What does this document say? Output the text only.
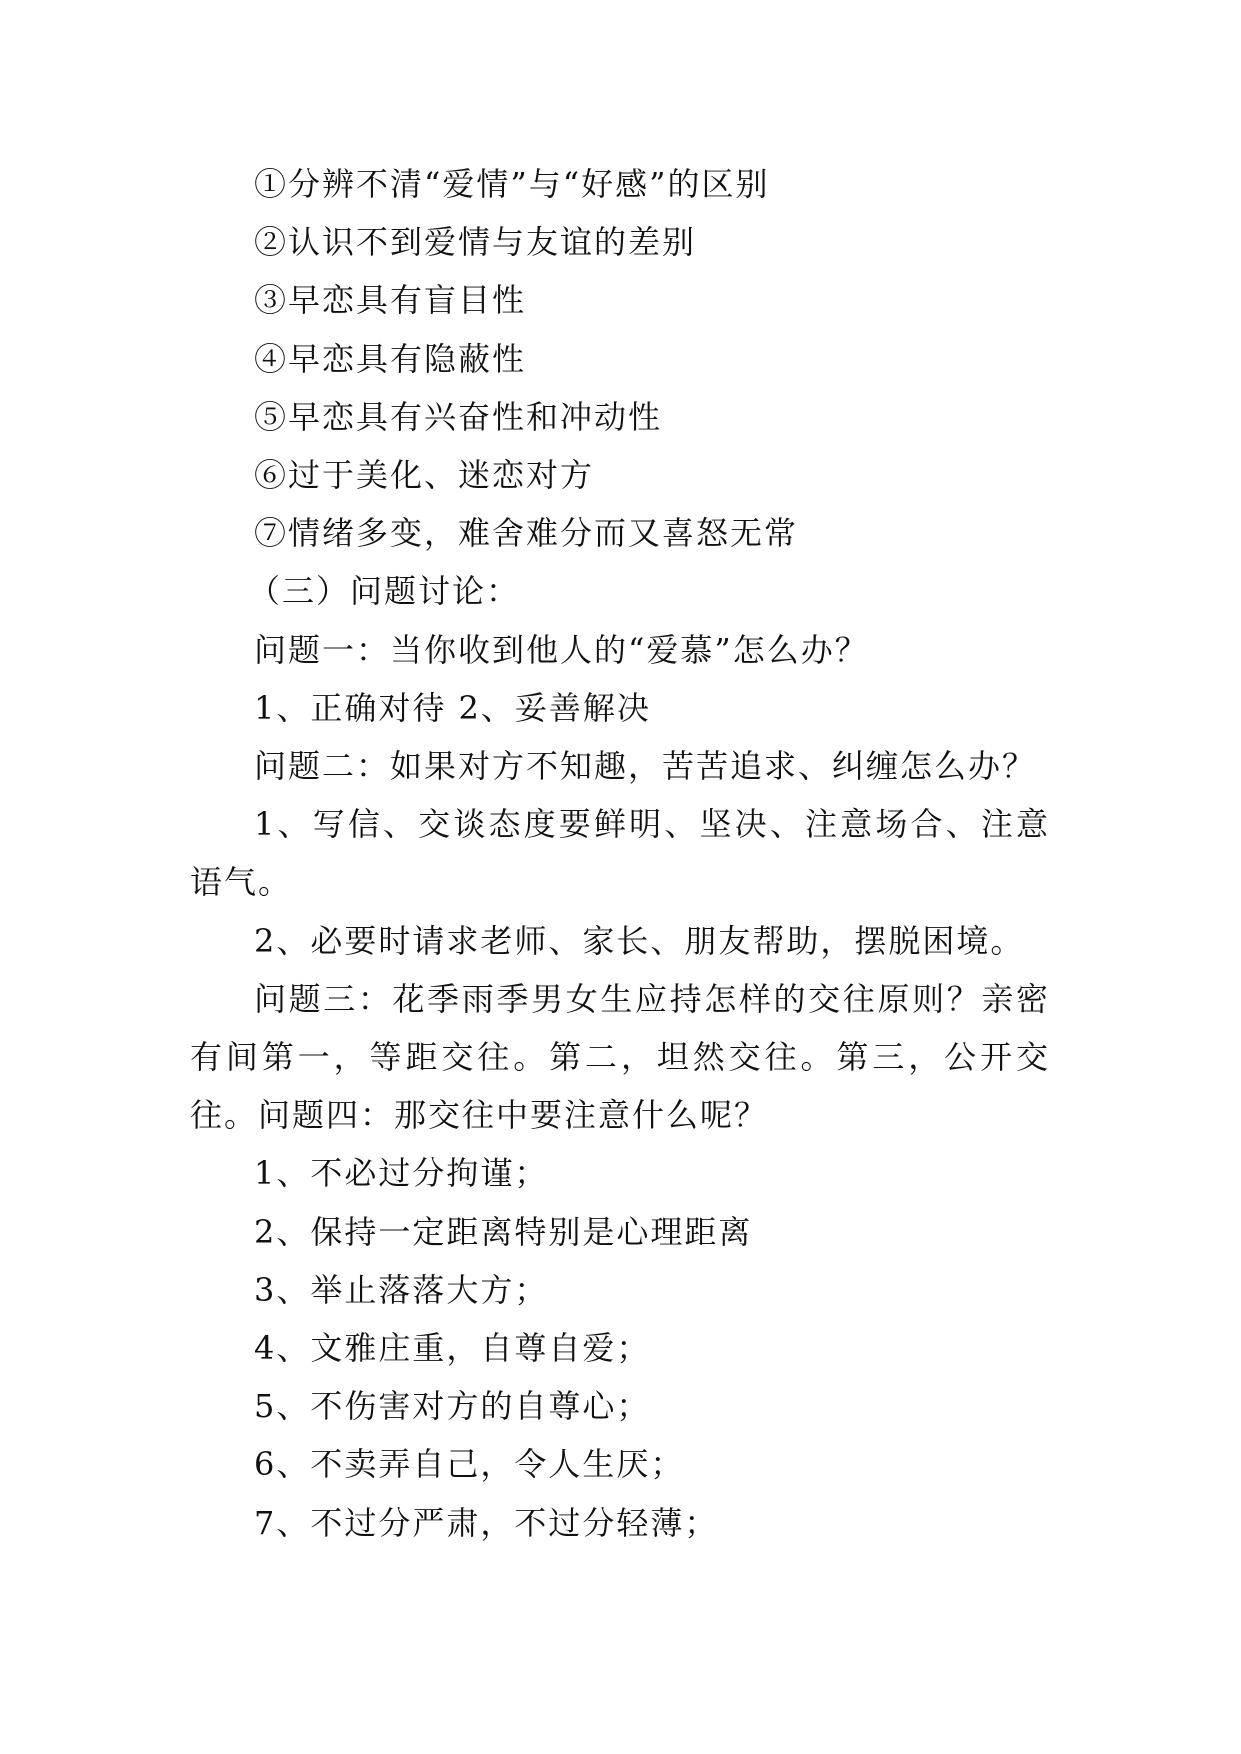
①分辨不清“爱情”与“好感”的区别

②认识不到爱情与友谊的差别

③早恋具有盲目性

④早恋具有隐蔽性

⑤早恋具有兴奋性和冲动性

⑥过于美化、迷恋对方

⑦情绪多变，难舍难分而又喜怒无常

（三）问题讨论：

问题一：当你收到他人的“爱慕”怎么办？

1、正确对待 2、妥善解决

问题二：如果对方不知趣，苦苦追求、纠缠怎么办？

1、写信、交谈态度要鲜明、坚决、注意场合、注意语气。

2、必要时请求老师、家长、朋友帮助，摆脱困境。

问题三：花季雨季男女生应持怎样的交往原则？亲密有间第一，等距交往。第二，坦然交往。第三，公开交往。问题四：那交往中要注意什么呢？

1、不必过分拘谨；

2、保持一定距离特别是心理距离

3、举止落落大方；

4、文雅庄重，自尊自爱；

5、不伤害对方的自尊心；

6、不卖弄自己，令人生厌；

7、不过分严肃，不过分轻薄；
